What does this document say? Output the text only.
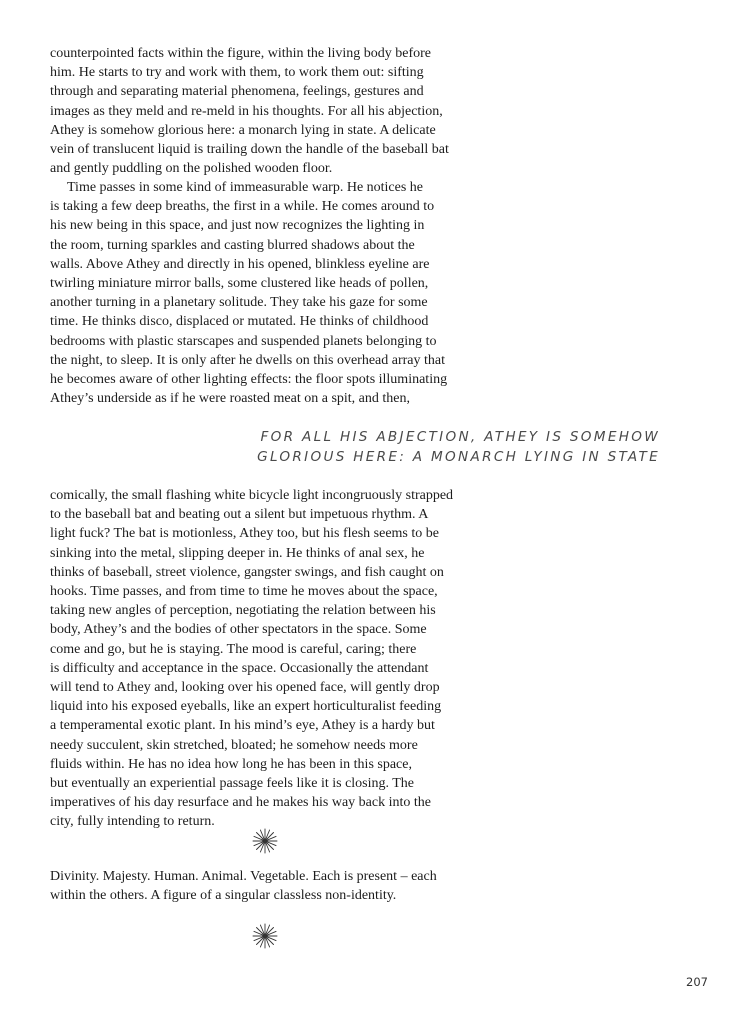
counterpointed facts within the figure, within the living body before
him. He starts to try and work with them, to work them out: sifting
through and separating material phenomena, feelings, gestures and
images as they meld and re-meld in his thoughts. For all his abjection,
Athey is somehow glorious here: a monarch lying in state. A delicate
vein of translucent liquid is trailing down the handle of the baseball bat
and gently puddling on the polished wooden floor.

Time passes in some kind of immeasurable warp. He notices he
is taking a few deep breaths, the first in a while. He comes around to
his new being in this space, and just now recognizes the lighting in
the room, turning sparkles and casting blurred shadows about the
walls. Above Athey and directly in his opened, blinkless eyeline are
twirling miniature mirror balls, some clustered like heads of pollen,
another turning in a planetary solitude. They take his gaze for some
time. He thinks disco, displaced or mutated. He thinks of childhood
bedrooms with plastic starscapes and suspended planets belonging to
the night, to sleep. It is only after he dwells on this overhead array that
he becomes aware of other lighting effects: the floor spots illuminating
Athey’s underside as if he were roasted meat on a spit, and then,

FOR ALL HIS ABJECTION, ATHEY IS SOMEHOW
GLORIOUS HERE: A MONARCH LYING IN STATE

comically, the small flashing white bicycle light incongruously strapped
to the baseball bat and beating out a silent but impetuous rhythm. A
light fuck? The bat is motionless, Athey too, but his flesh seems to be
sinking into the metal, slipping deeper in. He thinks of anal sex, he
thinks of baseball, street violence, gangster swings, and fish caught on
hooks. Time passes, and from time to time he moves about the space,
taking new angles of perception, negotiating the relation between his
body, Athey’s and the bodies of other spectators in the space. Some
come and go, but he is staying. The mood is careful, caring; there
is difficulty and acceptance in the space. Occasionally the attendant
will tend to Athey and, looking over his opened face, will gently drop
liquid into his exposed eyeballs, like an expert horticulturalist feeding
a temperamental exotic plant. In his mind’s eye, Athey is a hardy but
needy succulent, skin stretched, bloated; he somehow needs more
fluids within. He has no idea how long he has been in this space,
but eventually an experiential passage feels like it is closing. The
imperatives of his day resurface and he makes his way back into the
city, fully intending to return.

Divinity. Majesty. Human. Animal. Vegetable. Each is present – each
within the others. A figure of a singular classless non-identity.

207
